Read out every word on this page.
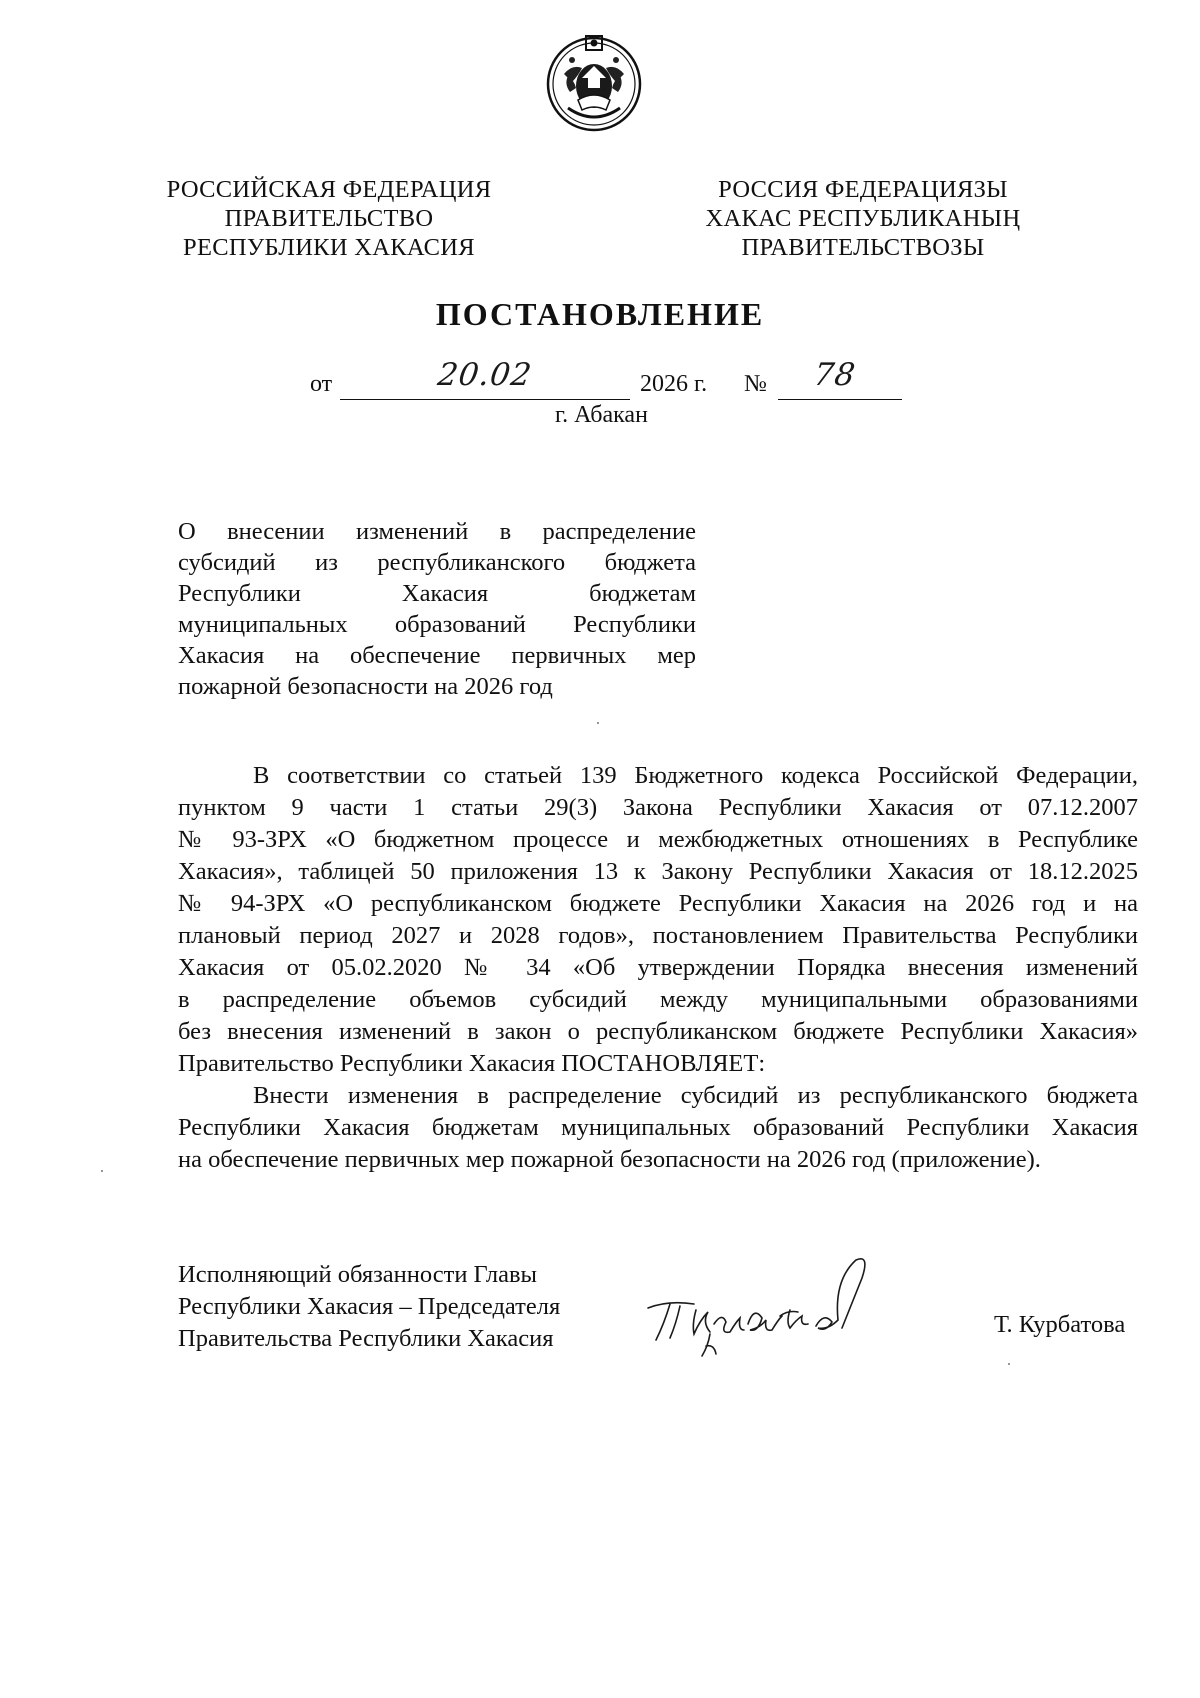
РОССИЙСКАЯ ФЕДЕРАЦИЯ
ПРАВИТЕЛЬСТВО
РЕСПУБЛИКИ ХАКАСИЯ
РОССИЯ ФЕДЕРАЦИЯЗЫ
ХАКАС РЕСПУБЛИКАНЫҢ
ПРАВИТЕЛЬСТВОЗЫ
ПОСТАНОВЛЕНИЕ
от	20.02	2026 г. № 78
г. Абакан
О внесении изменений в распределение
субсидий из республиканского бюджета
Республики Хакасия бюджетам
муниципальных образований Республики
Хакасия на обеспечение первичных мер
пожарной безопасности на 2026 год
В соответствии со статьей 139 Бюджетного кодекса Российской Федерации,
пунктом 9 части 1 статьи 29(3) Закона Республики Хакасия от 07.12.2007
№ 93-ЗРХ «О бюджетном процессе и межбюджетных отношениях в Республике
Хакасия», таблицей 50 приложения 13 к Закону Республики Хакасия от 18.12.2025
№ 94-ЗРХ «О республиканском бюджете Республики Хакасия на 2026 год и на
плановый период 2027 и 2028 годов», постановлением Правительства Республики
Хакасия от 05.02.2020 № 34 «Об утверждении Порядка внесения изменений
в распределение объемов субсидий между муниципальными образованиями
без внесения изменений в закон о республиканском бюджете Республики Хакасия»
Правительство Республики Хакасия ПОСТАНОВЛЯЕТ:
Внести изменения в распределение субсидий из республиканского бюджета
Республики Хакасия бюджетам муниципальных образований Республики Хакасия
на обеспечение первичных мер пожарной безопасности на 2026 год (приложение).
Исполняющий обязанности Главы
Республики Хакасия – Председателя
Правительства Республики Хакасия
Т. Курбатова
